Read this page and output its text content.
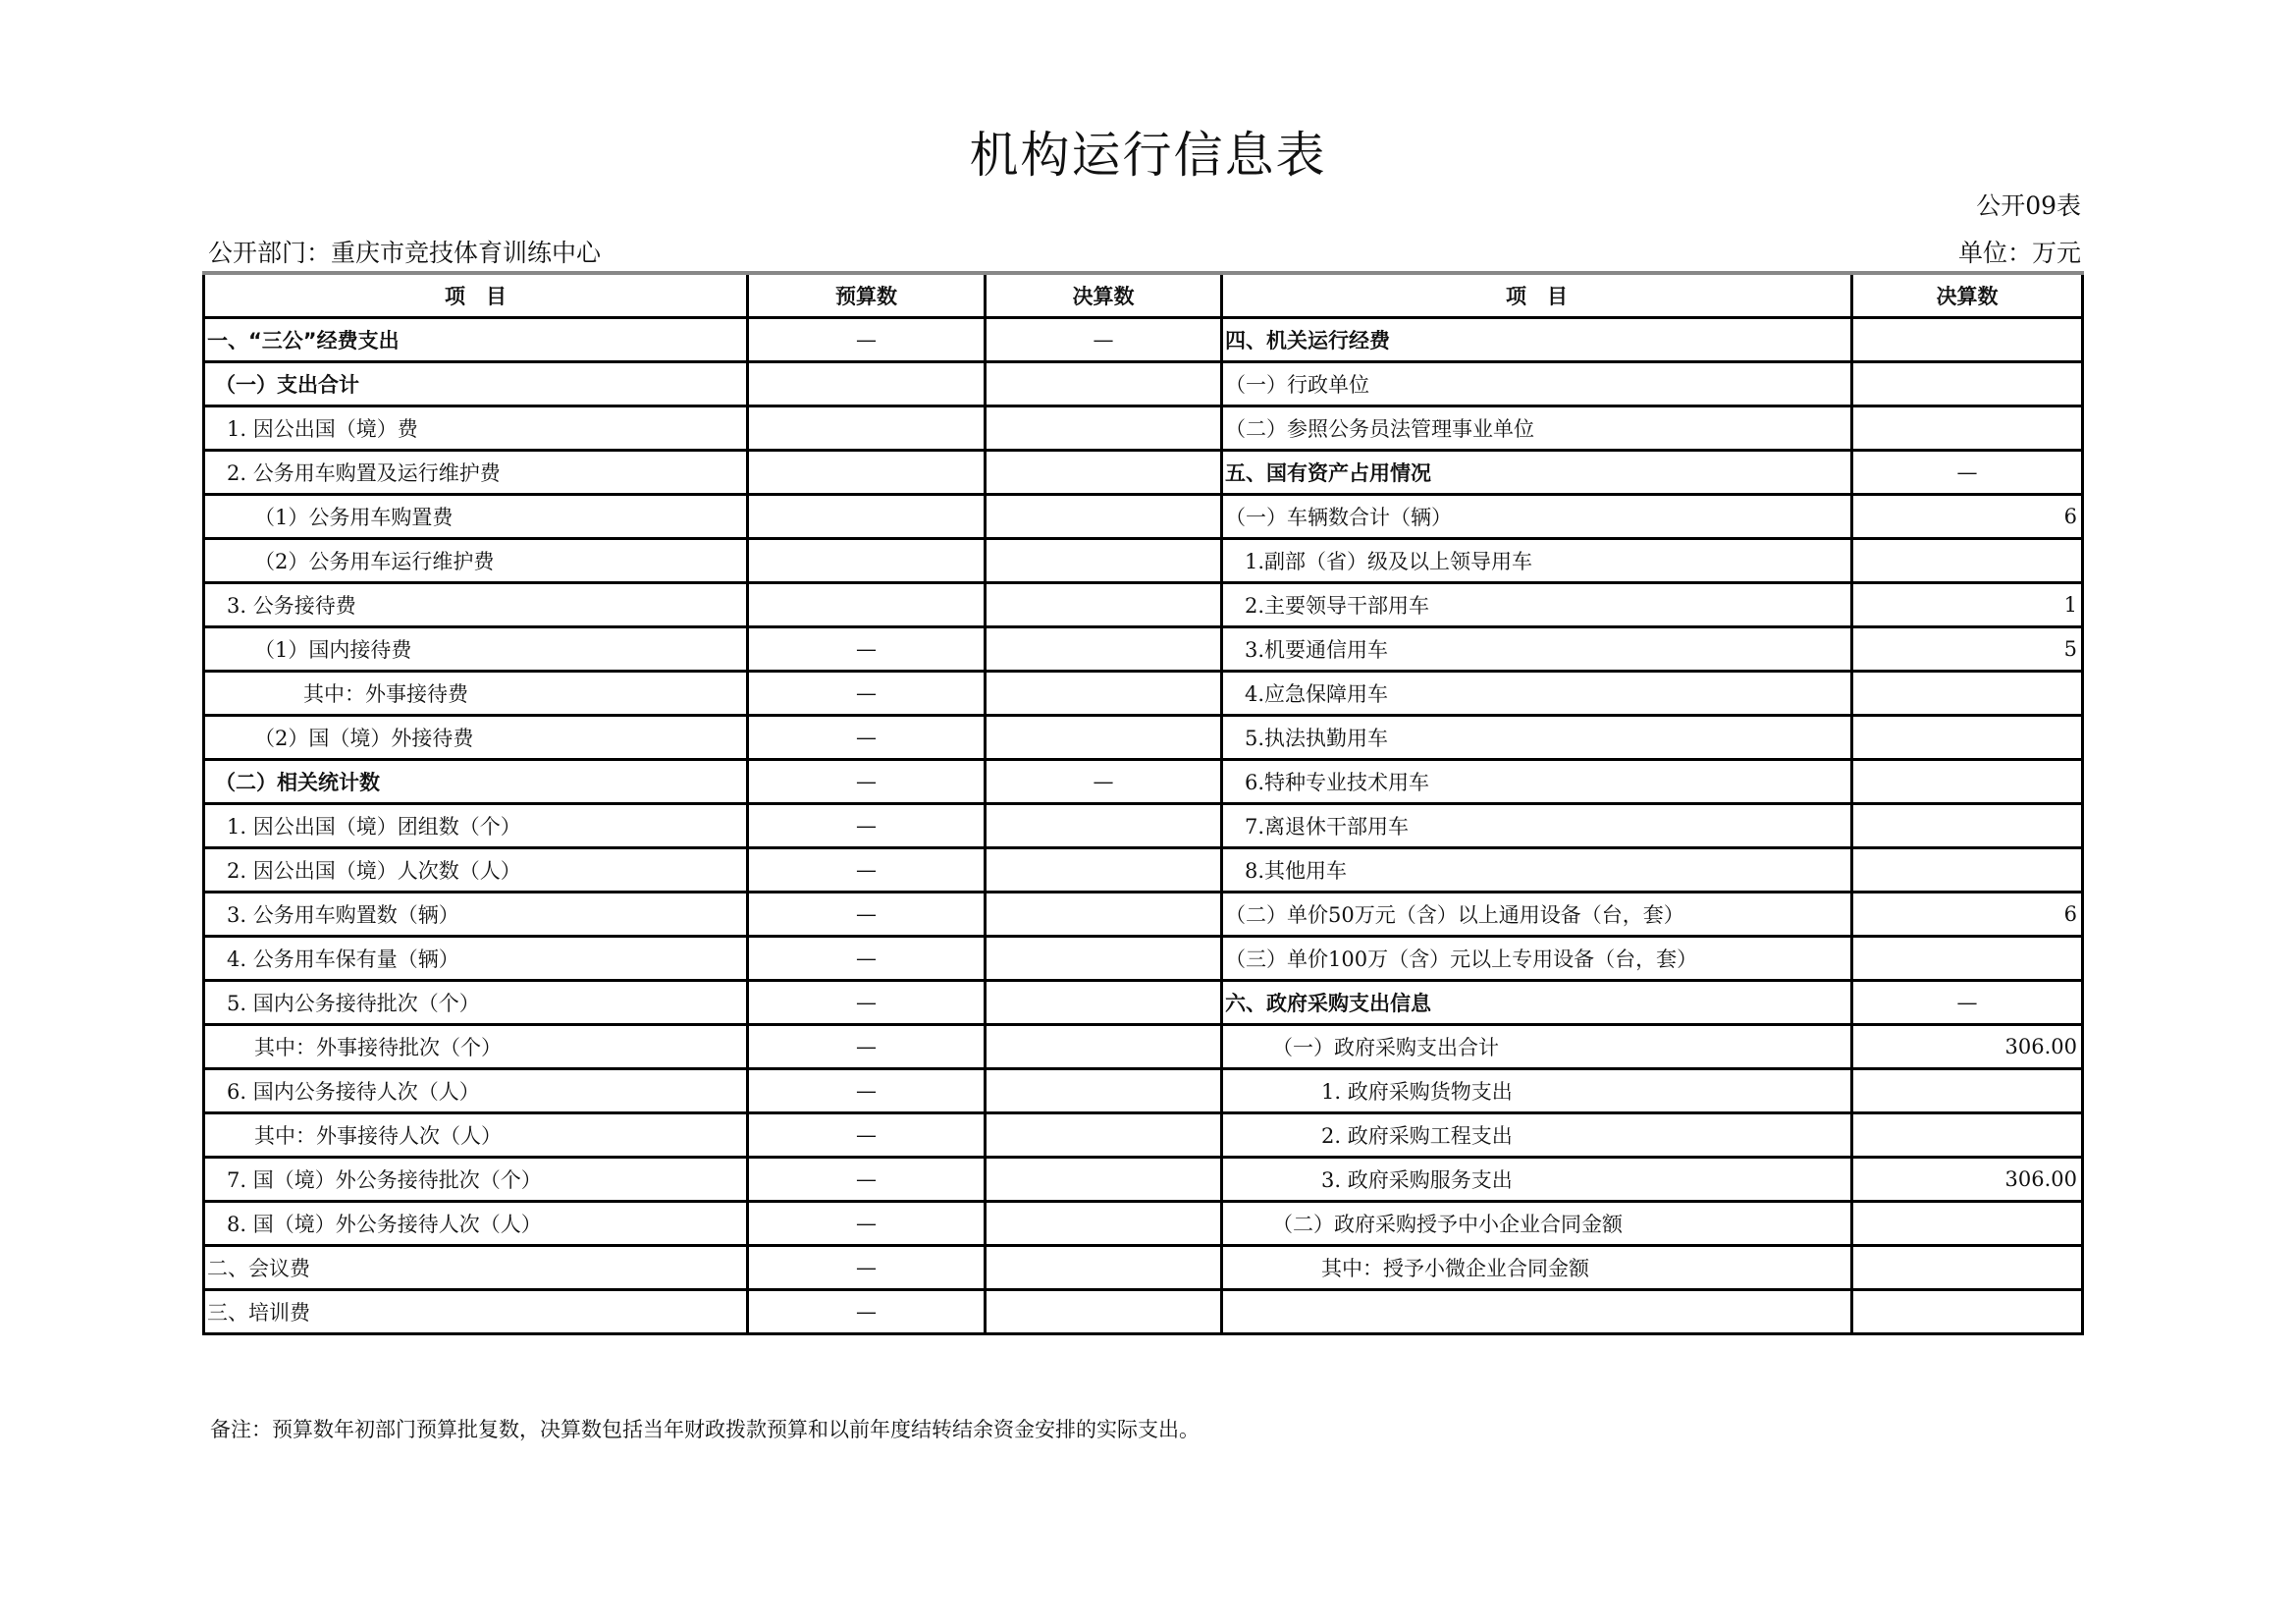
机构运行信息表
公开09表
公开部门：重庆市竞技体育训练中心	单位：万元
项　目	预算数	决算数	项　目	决算数
一、“三公”经费支出	—	—	四、机关运行经费	
（一）支出合计			（一）行政单位	
1. 因公出国（境）费			（二）参照公务员法管理事业单位	
2. 公务用车购置及运行维护费			五、国有资产占用情况	—
（1）公务用车购置费			（一）车辆数合计（辆）	6
（2）公务用车运行维护费			1.副部（省）级及以上领导用车	
3. 公务接待费			2.主要领导干部用车	1
（1）国内接待费	—		3.机要通信用车	5
其中：外事接待费	—		4.应急保障用车	
（2）国（境）外接待费	—		5.执法执勤用车	
（二）相关统计数	—	—	6.特种专业技术用车	
1. 因公出国（境）团组数（个）	—		7.离退休干部用车	
2. 因公出国（境）人次数（人）	—		8.其他用车	
3. 公务用车购置数（辆）	—		（二）单价50万元（含）以上通用设备（台，套）	6
4. 公务用车保有量（辆）	—		（三）单价100万（含）元以上专用设备（台，套）	
5. 国内公务接待批次（个）	—		六、政府采购支出信息	—
其中：外事接待批次（个）	—		（一）政府采购支出合计	306.00
6. 国内公务接待人次（人）	—		1. 政府采购货物支出	
其中：外事接待人次（人）	—		2. 政府采购工程支出	
7. 国（境）外公务接待批次（个）	—		3. 政府采购服务支出	306.00
8. 国（境）外公务接待人次（人）	—		（二）政府采购授予中小企业合同金额	
二、会议费	—		其中：授予小微企业合同金额	
三、培训费	—			
备注：预算数年初部门预算批复数，决算数包括当年财政拨款预算和以前年度结转结余资金安排的实际支出。
